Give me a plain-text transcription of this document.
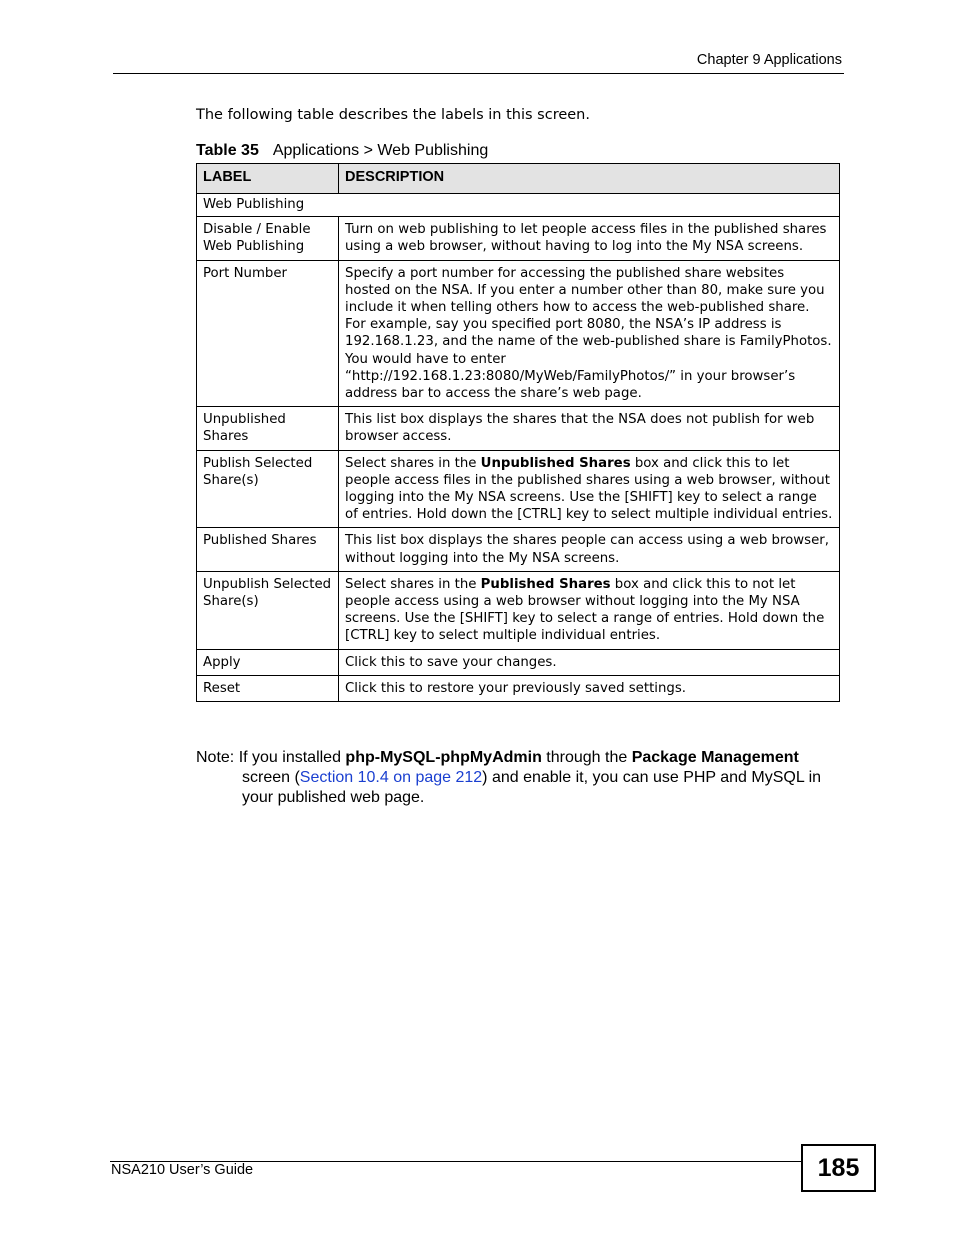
Chapter 9 Applications
The following table describes the labels in this screen.
Table 35 Applications > Web Publishing
LABEL	DESCRIPTION
Web Publishing	
Disable / Enable Web Publishing	Turn on web publishing to let people access files in the published shares using a web browser, without having to log into the My NSA screens.
Port Number	Specify a port number for accessing the published share websites hosted on the NSA. If you enter a number other than 80, make sure you include it when telling others how to access the web-published share. For example, say you specified port 8080, the NSA’s IP address is 192.168.1.23, and the name of the web-published share is FamilyPhotos. You would have to enter “http://192.168.1.23:8080/MyWeb/FamilyPhotos/” in your browser’s address bar to access the share’s web page.
Unpublished Shares	This list box displays the shares that the NSA does not publish for web browser access.
Publish Selected Share(s)	Select shares in the Unpublished Shares box and click this to let people access files in the published shares using a web browser, without logging into the My NSA screens. Use the [SHIFT] key to select a range of entries. Hold down the [CTRL] key to select multiple individual entries.
Published Shares	This list box displays the shares people can access using a web browser, without logging into the My NSA screens.
Unpublish Selected Share(s)	Select shares in the Published Shares box and click this to not let people access using a web browser without logging into the My NSA screens. Use the [SHIFT] key to select a range of entries. Hold down the [CTRL] key to select multiple individual entries.
Apply	Click this to save your changes.
Reset	Click this to restore your previously saved settings.
Note: If you installed php-MySQL-phpMyAdmin through the Package Management
screen (Section 10.4 on page 212) and enable it, you can use PHP and MySQL in your published web page.
NSA210 User’s Guide	185
